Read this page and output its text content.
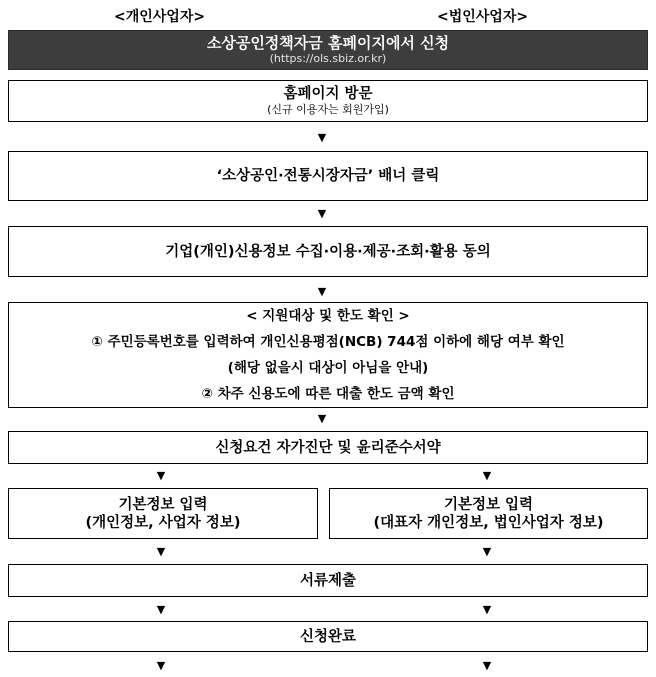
<개인사업자>	<법인사업자>
소상공인정책자금 홈페이지에서 신청
(https://ols.sbiz.or.kr)
홈페이지 방문
(신규 이용자는 회원가입)
▼
‘소상공인·전통시장자금’ 배너 클릭
▼
기업(개인)신용정보 수집·이용·제공·조회·활용 동의
▼
< 지원대상 및 한도 확인 >
① 주민등록번호를 입력하여 개인신용평점(NCB) 744점 이하에 해당 여부 확인
(해당 없을시 대상이 아님을 안내)
② 차주 신용도에 따른 대출 한도 금액 확인
▼
신청요건 자가진단 및 윤리준수서약
▼	▼
기본정보 입력
(개인정보, 사업자 정보)
기본정보 입력
(대표자 개인정보, 법인사업자 정보)
▼	▼
서류제출
▼	▼
신청완료
▼	▼
